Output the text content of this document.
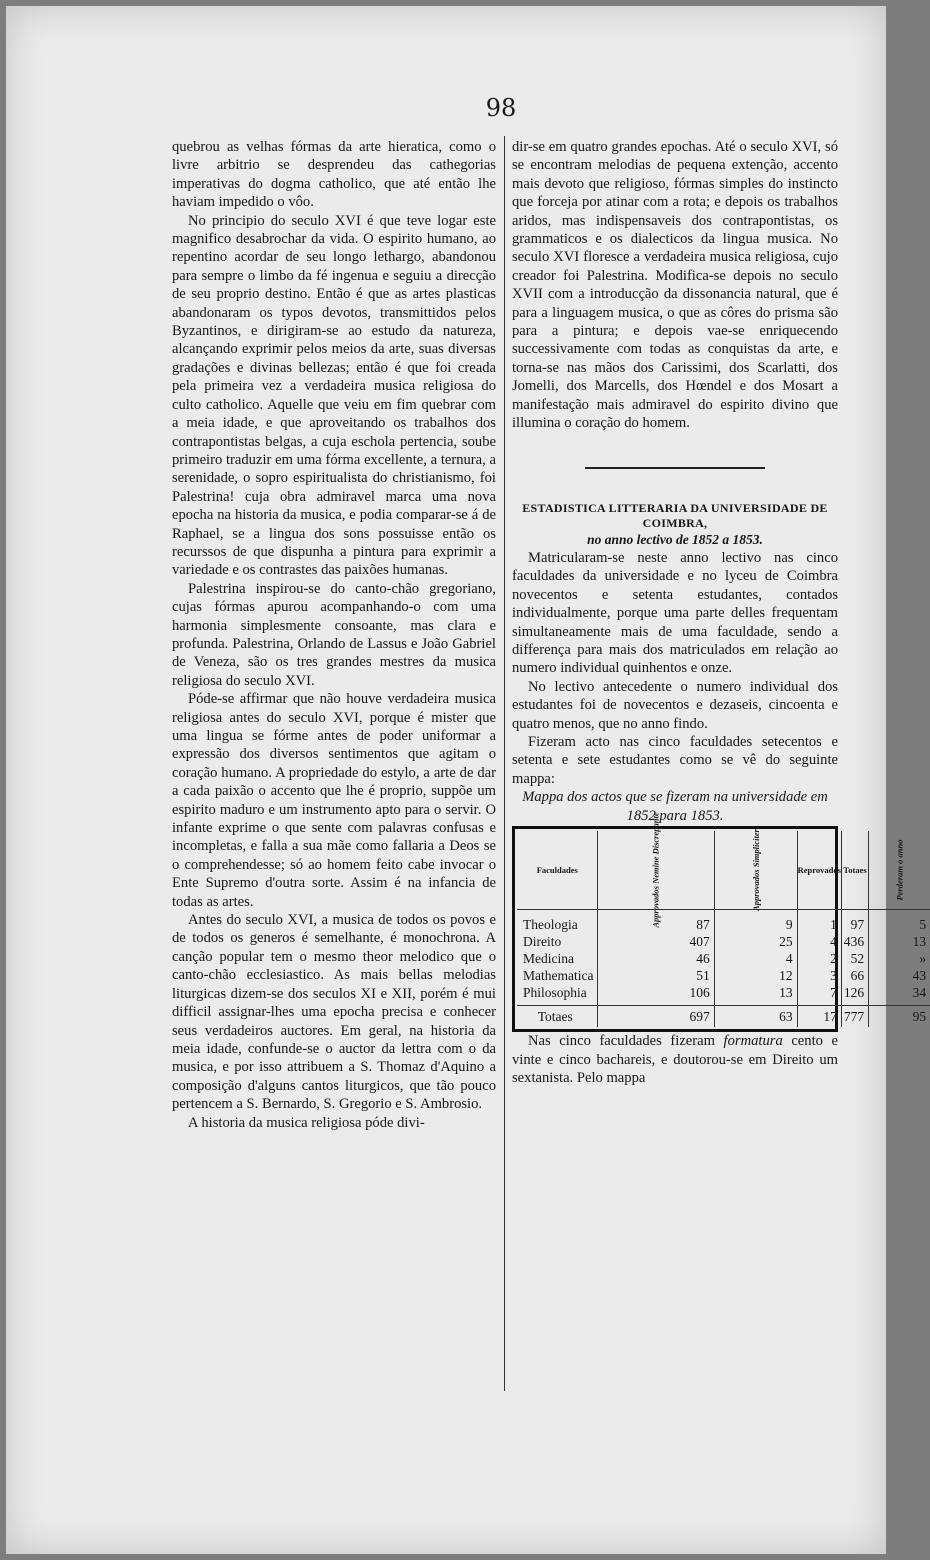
98

quebrou as velhas fórmas da arte hieratica, como o livre arbitrio se desprendeu das cathegorias imperativas do dogma catholico, que até então lhe haviam impedido o vôo.

No principio do seculo XVI é que teve logar este magnifico desabrochar da vida. O espirito humano, ao repentino acordar de seu longo lethargo, abandonou para sempre o limbo da fé ingenua e seguiu a direcção de seu proprio destino. Então é que as artes plasticas abandonaram os typos devotos, transmittidos pelos Byzantinos, e dirigiram-se ao estudo da natureza, alcançando exprimir pelos meios da arte, suas diversas gradações e divinas bellezas; então é que foi creada pela primeira vez a verdadeira musica religiosa do culto catholico. Aquelle que veiu em fim quebrar com a meia idade, e que aproveitando os trabalhos dos contrapontistas belgas, a cuja eschola pertencia, soube primeiro traduzir em uma fórma excellente, a ternura, a serenidade, o sopro espiritualista do christianismo, foi Palestrina! cuja obra admiravel marca uma nova epocha na historia da musica, e podia comparar-se á de Raphael, se a lingua dos sons possuisse então os recurssos de que dispunha a pintura para exprimir a variedade e os contrastes das paixões humanas.

Palestrina inspirou-se do canto-chão gregoriano, cujas fórmas apurou acompanhando-o com uma harmonia simplesmente consoante, mas clara e profunda. Palestrina, Orlando de Lassus e João Gabriel de Veneza, são os tres grandes mestres da musica religiosa do seculo XVI.

Póde-se affirmar que não houve verdadeira musica religiosa antes do seculo XVI, porque é mister que uma lingua se fórme antes de poder uniformar a expressão dos diversos sentimentos que agitam o coração humano. A propriedade do estylo, a arte de dar a cada paixão o accento que lhe é proprio, suppõe um espirito maduro e um instrumento apto para o servir. O infante exprime o que sente com palavras confusas e incompletas, e falla a sua mãe como fallaria a Deos se o comprehendesse; só ao homem feito cabe invocar o Ente Supremo d'outra sorte. Assim é na infancia de todas as artes.

Antes do seculo XVI, a musica de todos os povos e de todos os generos é semelhante, é monochrona. A canção popular tem o mesmo theor melodico que o canto-chão ecclesiastico. As mais bellas melodias liturgicas dizem-se dos seculos XI e XII, porém é mui difficil assignar-lhes uma epocha precisa e conhecer seus verdadeiros auctores. Em geral, na historia da meia idade, confunde-se o auctor da lettra com o da musica, e por isso attribuem a S. Thomaz d'Aquino a composição d'alguns cantos liturgicos, que tão pouco pertencem a S. Bernardo, S. Gregorio e S. Ambrosio.

A historia da musica religiosa póde divi-

dir-se em quatro grandes epochas. Até o seculo XVI, só se encontram melodias de pequena extenção, accento mais devoto que religioso, fórmas simples do instincto que forceja por atinar com a rota; e depois os trabalhos aridos, mas indispensaveis dos contrapontistas, os grammaticos e os dialecticos da lingua musica. No seculo XVI floresce a verdadeira musica religiosa, cujo creador foi Palestrina. Modifica-se depois no seculo XVII com a introducção da dissonancia natural, que é para a linguagem musica, o que as côres do prisma são para a pintura; e depois vae-se enriquecendo successivamente com todas as conquistas da arte, e torna-se nas mãos dos Carissimi, dos Scarlatti, dos Jomelli, dos Marcells, dos Hœndel e dos Mosart a manifestação mais admiravel do espirito divino que illumina o coração do homem.

ESTADISTICA LITTERARIA DA UNIVERSIDADE DE COIMBRA,

no anno lectivo de 1852 a 1853.

Matricularam-se neste anno lectivo nas cinco faculdades da universidade e no lyceu de Coimbra novecentos e setenta estudantes, contados individualmente, porque uma parte delles frequentam simultaneamente mais de uma faculdade, sendo a differença para mais dos matriculados em relação ao numero individual quinhentos e onze.

No lectivo antecedente o numero individual dos estudantes foi de novecentos e dezaseis, cincoenta e quatro menos, que no anno findo.

Fizeram acto nas cinco faculdades setecentos e setenta e sete estudantes como se vê do seguinte mappa:

Mappa dos actos que se fizeram na universidade em 1852 para 1853.

Faculdades	Approvados Nemine Discrepante	Approvados Simpliciter	Reprovados	Totaes	Perderam o anno
Theologia	87	9	1	97	5
Direito	407	25	4	436	13
Medicina	46	4	2	52	»
Mathematica	51	12	3	66	43
Philosophia	106	13	7	126	34
Totaes	697	63	17	777	95

Nas cinco faculdades fizeram formatura cento e vinte e cinco bachareis, e doutorou-se em Direito um sextanista. Pelo mappa
